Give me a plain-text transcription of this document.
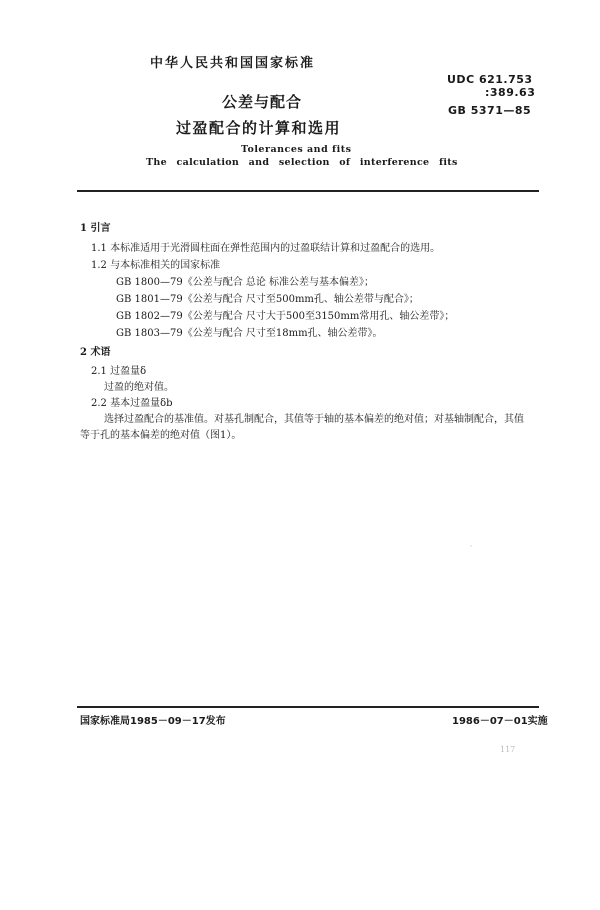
中华人民共和国国家标准
UDC 621.753
:389.63
GB 5371—85
公差与配合
过盈配合的计算和选用
Tolerances and fits
The calculation and selection of interference fits
1 引言
1.1 本标准适用于光滑圆柱面在弹性范围内的过盈联结计算和过盈配合的选用。
1.2 与本标准相关的国家标准
GB 1800—79《公差与配合 总论 标准公差与基本偏差》；
GB 1801—79《公差与配合 尺寸至500mm孔、轴公差带与配合》；
GB 1802—79《公差与配合 尺寸大于500至3150mm常用孔、轴公差带》；
GB 1803—79《公差与配合 尺寸至18mm孔、轴公差带》。
2 术语
2.1 过盈量δ
过盈的绝对值。
2.2 基本过盈量δb
选择过盈配合的基准值。对基孔制配合，其值等于轴的基本偏差的绝对值；对基轴制配合，其值
等于孔的基本偏差的绝对值（图1）。
国家标准局1985－09－17发布	1986－07－01实施
117
